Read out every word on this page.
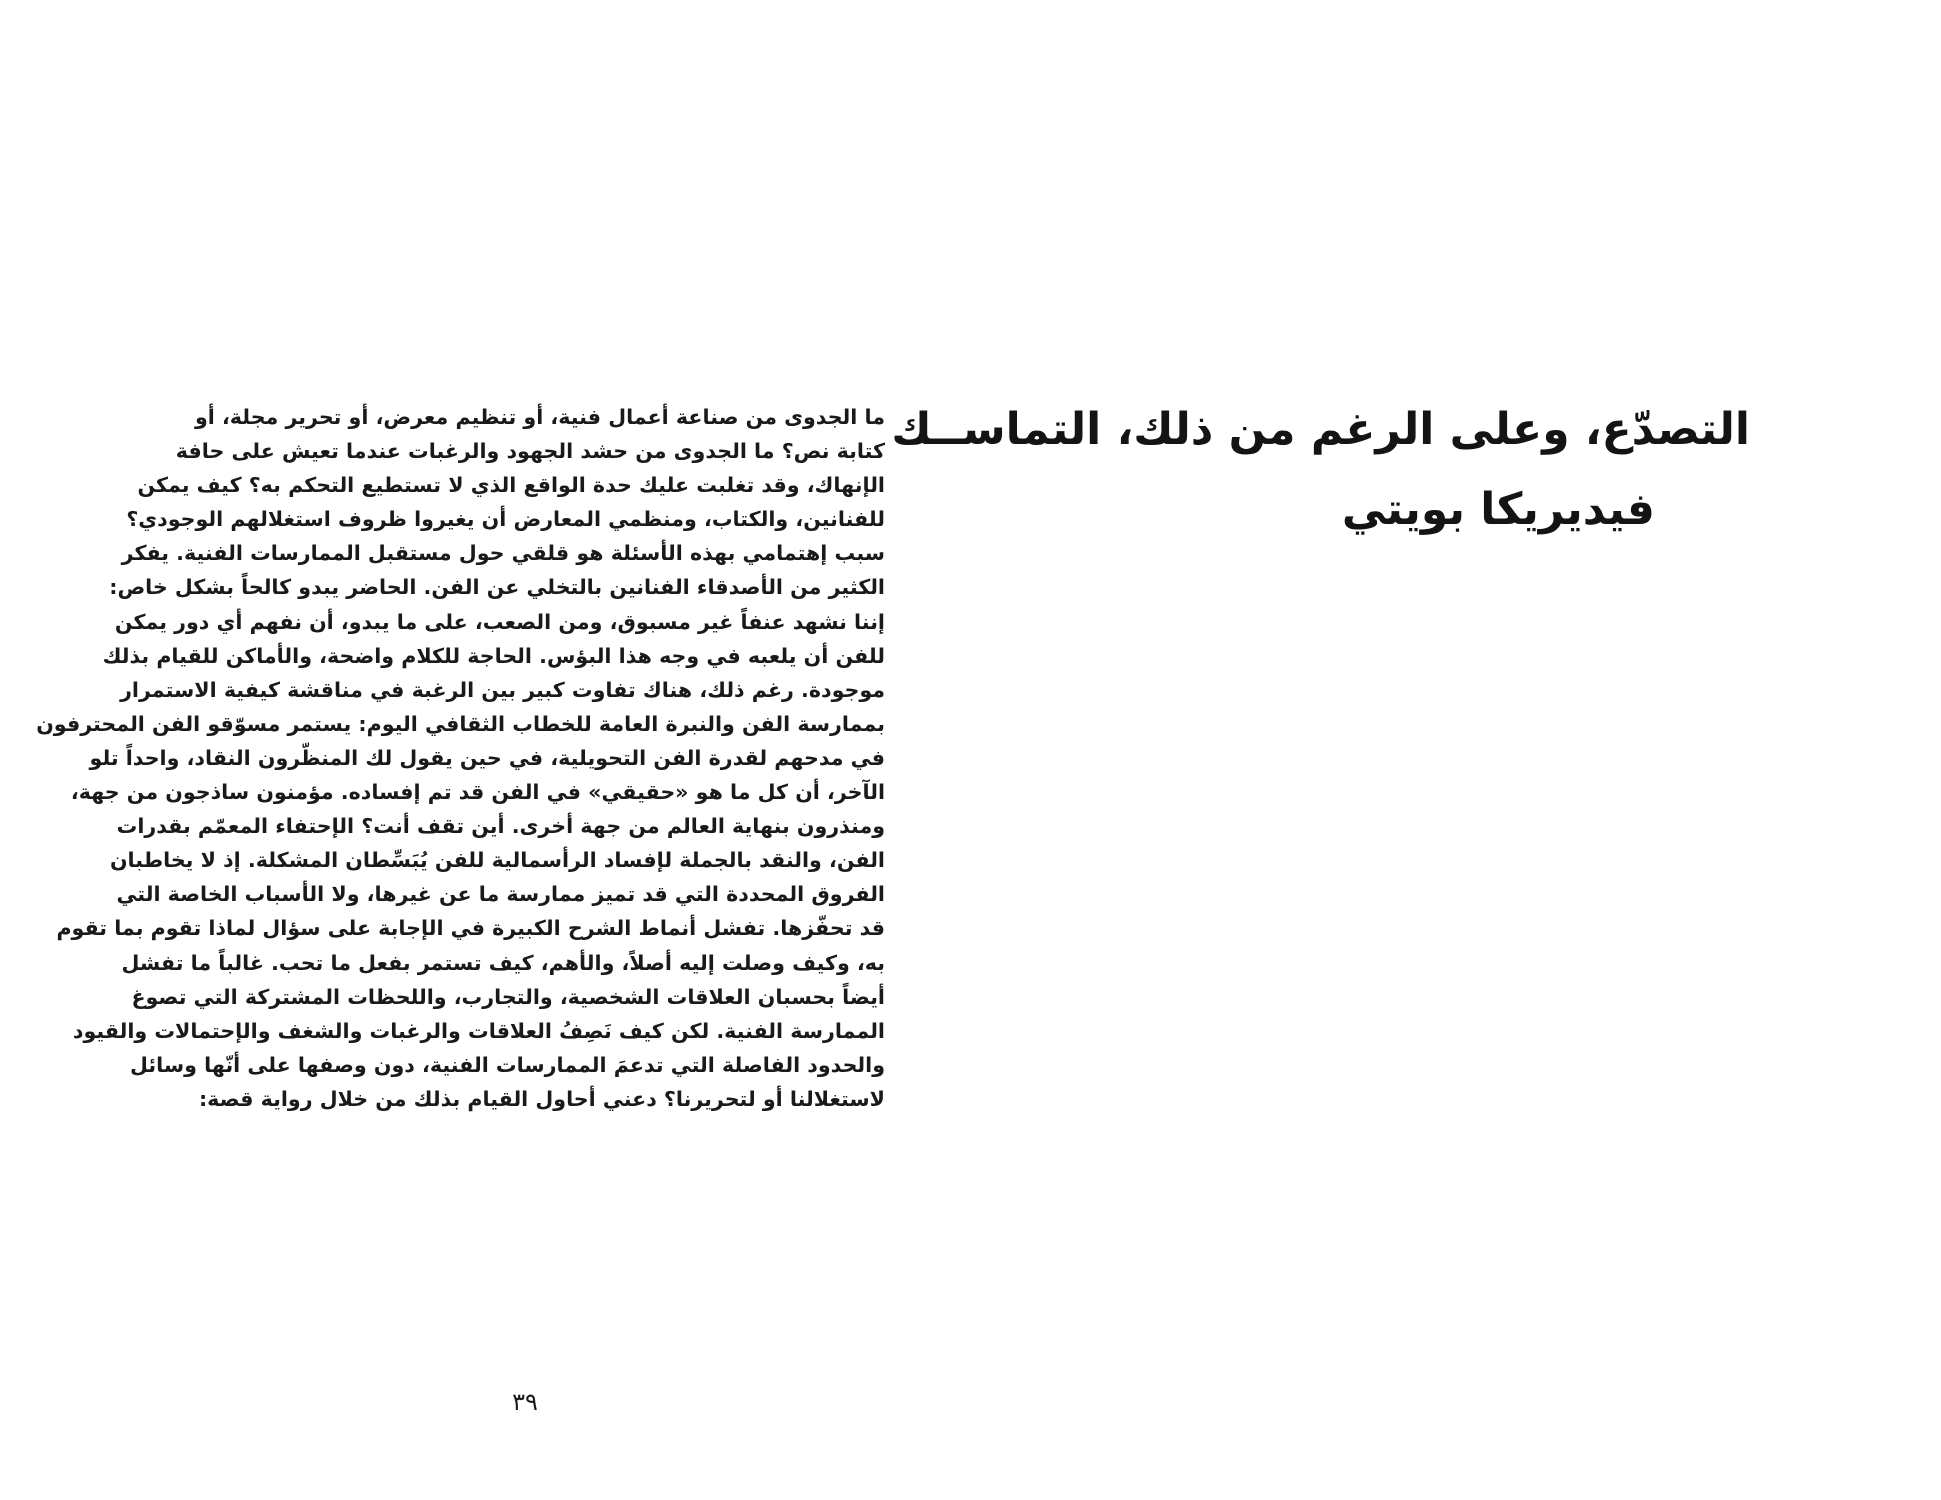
ما الجدوى من صناعة أعمال فنية، أو تنظيم معرض، أو تحرير مجلة، أو
كتابة نص؟ ما الجدوى من حشد الجهود والرغبات عندما تعيش على حافة
الإنهاك، وقد تغلبت عليك حدة الواقع الذي لا تستطيع التحكم به؟ كيف يمكن
للفنانين، والكتاب، ومنظمي المعارض أن يغيروا ظروف استغلالهم الوجودي؟
سبب إهتمامي بهذه الأسئلة هو قلقي حول مستقبل الممارسات الفنية. يفكر
الكثير من الأصدقاء الفنانين بالتخلي عن الفن. الحاضر يبدو كالحاً بشكل خاص:
إننا نشهد عنفاً غير مسبوق، ومن الصعب، على ما يبدو، أن نفهم أي دور يمكن
للفن أن يلعبه في وجه هذا البؤس. الحاجة للكلام واضحة، والأماكن للقيام بذلك
موجودة. رغم ذلك، هناك تفاوت كبير بين الرغبة في مناقشة كيفية الاستمرار
بممارسة الفن والنبرة العامة للخطاب الثقافي اليوم: يستمر مسوّقو الفن المحترفون
في مدحهم لقدرة الفن التحويلية، في حين يقول لك المنظّرون النقاد، واحداً تلو
الآخر، أن كل ما هو «حقيقي» في الفن قد تم إفساده. مؤمنون ساذجون من جهة،
ومنذرون بنهاية العالم من جهة أخرى. أين تقف أنت؟ الإحتفاء المعمّم بقدرات
الفن، والنقد بالجملة لإفساد الرأسمالية للفن يُبَسِّطان المشكلة. إذ لا يخاطبان
الفروق المحددة التي قد تميز ممارسة ما عن غيرها، ولا الأسباب الخاصة التي
قد تحفّزها. تفشل أنماط الشرح الكبيرة في الإجابة على سؤال لماذا تقوم بما تقوم
به، وكيف وصلت إليه أصلاً، والأهم، كيف تستمر بفعل ما تحب. غالباً ما تفشل
أيضاً بحسبان العلاقات الشخصية، والتجارب، واللحظات المشتركة التي تصوغ
الممارسة الفنية. لكن كيف نَصِفُ العلاقات والرغبات والشغف والإحتمالات والقيود
والحدود الفاصلة التي تدعمَ الممارسات الفنية، دون وصفها على أنّها وسائل
لاستغلالنا أو لتحريرنا؟ دعني أحاول القيام بذلك من خلال رواية قصة:
٣٩
التصدّع، وعلى الرغم من ذلك، التماســك
فيديريكا بويتي
